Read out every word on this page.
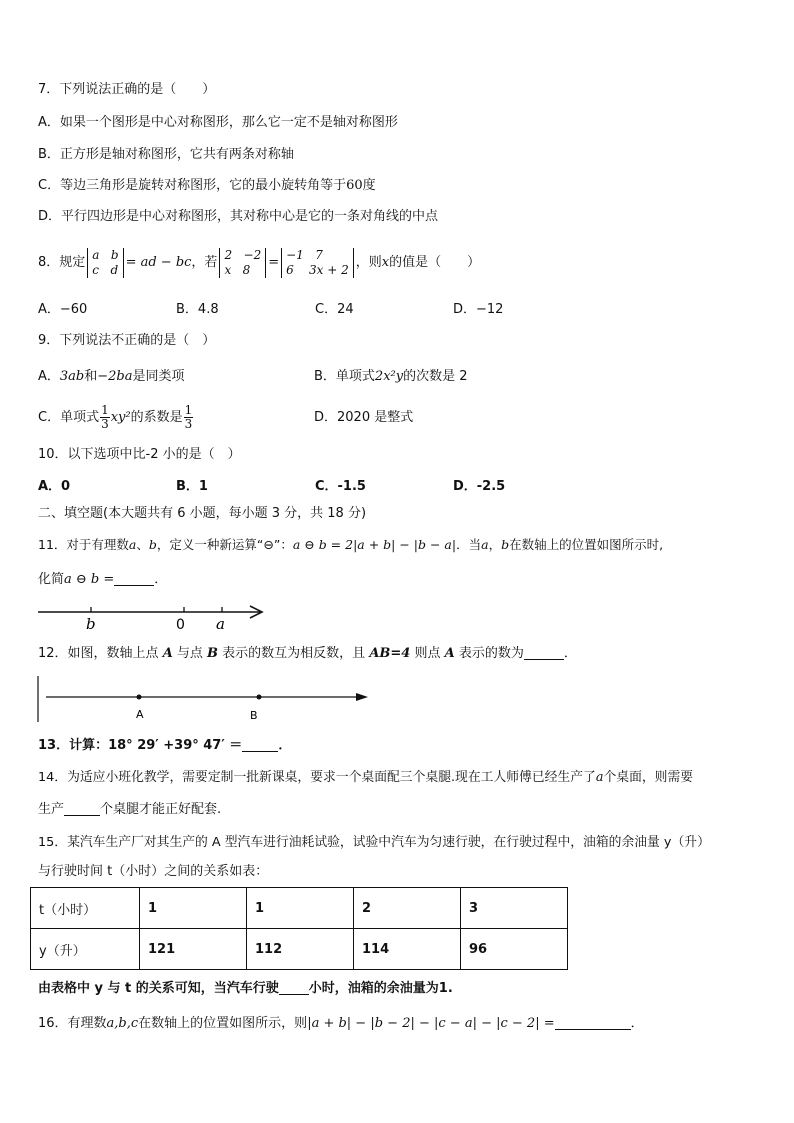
7．下列说法正确的是（　　）
A．如果一个图形是中心对称图形，那么它一定不是轴对称图形
B．正方形是轴对称图形，它共有两条对称轴
C．等边三角形是旋转对称图形，它的最小旋转角等于60度
D．平行四边形是中心对称图形，其对称中心是它的一条对角线的中点
8．规定
a   b
c   d = ad − bc，若
2   −2
x   8	=
−1   7
6    3x + 2 ，则x的值是（　　）
A．−60	B．4.8	C．24	D．−12
9．下列说法不正确的是（　）
A．3ab和−2ba是同类项	B．单项式2x²y的次数是 2
C．单项式 $\frac{1}{3} xy^2$的系数是 $\frac{1}{3}$	D．2020 是整式
10．以下选项中比-2 小的是（　）
A．0	B．1	C．-1.5	D．-2.5
二、填空题(本大题共有 6 小题，每小题 3 分，共 18 分)
11．对于有理数a、b，定义一种新运算“⊖”：a ⊖ b = 2|a + b| − |b − a|．当a，b在数轴上的位置如图所示时,
化简a ⊖ b =	．
b	0 a
12．如图，数轴上点 A 与点 B 表示的数互为相反数，且 AB=4 则点 A 表示的数为	．
A	B
13．计算：18° 29′ +39° 47′ ＝	．
14．为适应小班化教学，需要定制一批新课桌，要求一个桌面配三个桌腿.现在工人师傅已经生产了a个桌面，则需要
生产	个桌腿才能正好配套.
15．某汽车生产厂对其生产的 A 型汽车进行油耗试验，试验中汽车为匀速行驶，在行驶过程中，油箱的余油量 y（升）
与行驶时间 t（小时）之间的关系如表：
t（小时）	1	1	2	3
y（升）	121	112	114	96
由表格中 y 与 t 的关系可知，当汽车行驶 小时，油箱的余油量为1.
16．有理数a,b,c在数轴上的位置如图所示，则|a + b| − |b − 2| − |c − a| − |c − 2| =	．
